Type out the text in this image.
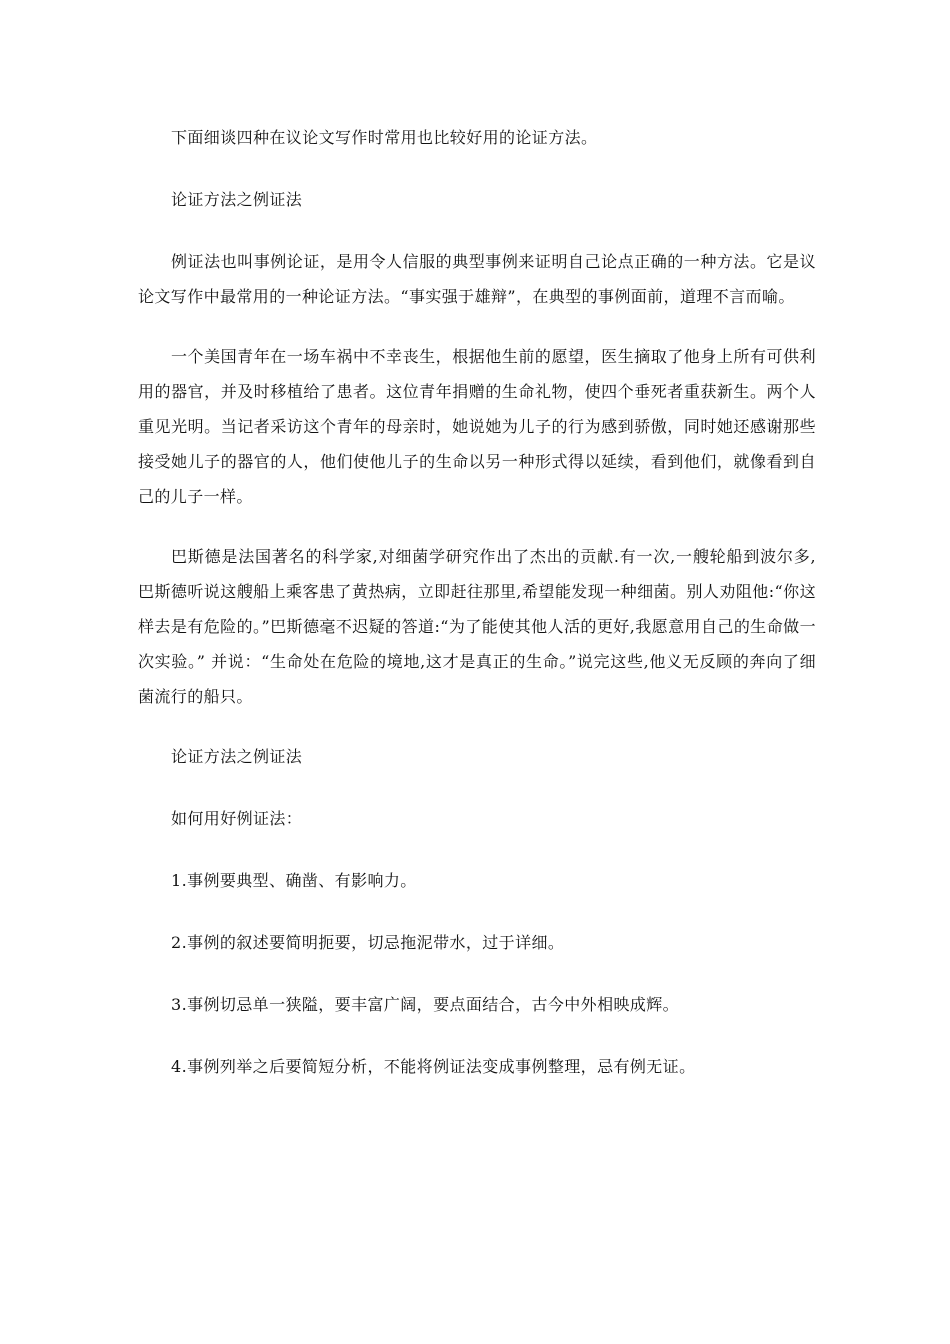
下面细谈四种在议论文写作时常用也比较好用的论证方法。

论证方法之例证法

例证法也叫事例论证，是用令人信服的典型事例来证明自己论点正确的一种方法。它是议论文写作中最常用的一种论证方法。“事实强于雄辩”，在典型的事例面前，道理不言而喻。

一个美国青年在一场车祸中不幸丧生，根据他生前的愿望，医生摘取了他身上所有可供利用的器官，并及时移植给了患者。这位青年捐赠的生命礼物，使四个垂死者重获新生。两个人重见光明。当记者采访这个青年的母亲时，她说她为儿子的行为感到骄傲，同时她还感谢那些接受她儿子的器官的人，他们使他儿子的生命以另一种形式得以延续，看到他们，就像看到自己的儿子一样。

巴斯德是法国著名的科学家,对细菌学研究作出了杰出的贡献.有一次,一艘轮船到波尔多,巴斯德听说这艘船上乘客患了黄热病，立即赶往那里,希望能发现一种细菌。别人劝阻他:“你这样去是有危险的。”巴斯德毫不迟疑的答道:“为了能使其他人活的更好,我愿意用自己的生命做一次实验。” 并说：“生命处在危险的境地,这才是真正的生命。”说完这些,他义无反顾的奔向了细菌流行的船只。

论证方法之例证法

如何用好例证法：

1.事例要典型、确凿、有影响力。

2.事例的叙述要简明扼要，切忌拖泥带水，过于详细。

3.事例切忌单一狭隘，要丰富广阔，要点面结合，古今中外相映成辉。

4.事例列举之后要简短分析，不能将例证法变成事例整理，忌有例无证。
